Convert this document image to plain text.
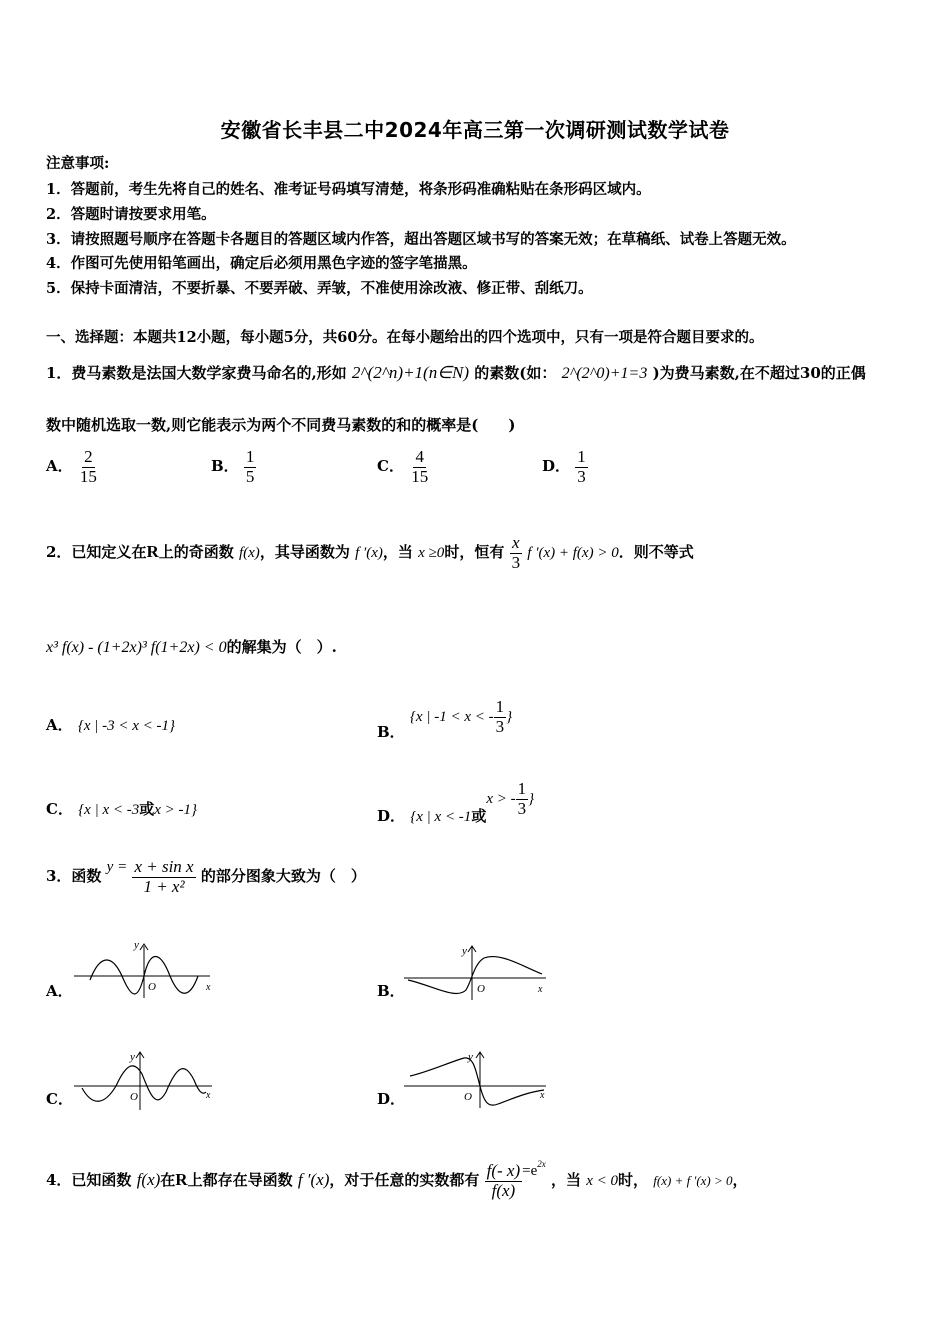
安徽省长丰县二中2024年高三第一次调研测试数学试卷
注意事项:
1．答题前，考生先将自己的姓名、准考证号码填写清楚，将条形码准确粘贴在条形码区域内。
2．答题时请按要求用笔。
3．请按照题号顺序在答题卡各题目的答题区域内作答，超出答题区域书写的答案无效；在草稿纸、试卷上答题无效。
4．作图可先使用铅笔画出，确定后必须用黑色字迹的签字笔描黑。
5．保持卡面清洁，不要折暴、不要弄破、弄皱，不准使用涂改液、修正带、刮纸刀。
一、选择题：本题共12小题，每小题5分，共60分。在每小题给出的四个选项中，只有一项是符合题目要求的。
1．费马素数是法国大数学家费马命名的,形如 2^(2^n)+1(n∈N) 的素数(如： 2^(2^0)+1=3 )为费马素数,在不超过30的正偶
数中随机选取一数,则它能表示为两个不同费马素数的和的概率是(　　)
A． $\frac{2}{15}$	B． $\frac{1}{5}$	C． $\frac{4}{15}$	D． $\frac{1}{3}$
2．已知定义在R上的奇函数 f(x)，其导函数为 f ′(x)，当 x ≥0时，恒有 $\frac{x}{3}$ f ′(x) + f(x) > 0．则不等式
x³ f(x) - (1+2x)³ f(1+2x) < 0的解集为（　）.
A． {x | -3 < x < -1}	B． {x | -1 < x < - $\frac{1}{3}$ }
C． {x | x < -3或x > -1}	D． {x | x < -1或x > - $\frac{1}{3}$ }
3．函数 $y = \frac{\text{x + sin x}}{\text{1 + x²}}$ 的部分图象大致为（　）
A．	B．
C．	D．
y
O	x
y
O	x
y
O	x
y
O	x
4．已知函数 f(x)在R上都存在导函数 f ′(x)，对于任意的实数都有 $\frac{f(- x)}{f(x)} =e^{2x}$ ，当 x < 0时， f(x) + f ′(x) > 0，
